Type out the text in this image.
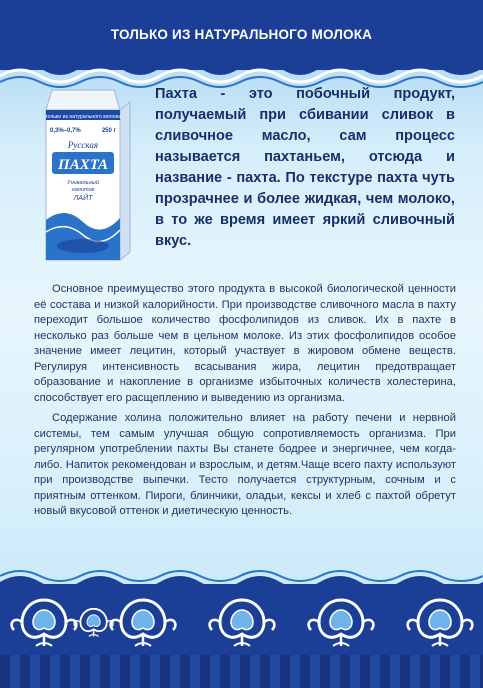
ТОЛЬКО ИЗ НАТУРАЛЬНОГО МОЛОКА
только из натурального молока
0,3%–0,7%	250 г
Русская
ПАХТА
Уникальный
напиток
ЛАЙТ
Пахта - это побочный продукт, получаемый при сбивании сливок в сливочное масло, сам процесс называется пахтаньем, отсюда и название - пахта. По текстуре пахта чуть прозрачнее и более жидкая, чем молоко, в то же время имеет яркий сливочный вкус.

Основное преимущество этого продукта в высокой биологической ценности её состава и низкой калорийности. При производстве сливочного масла в пахту переходит большое количество фосфолипидов из сливок. Их в пахте в несколько раз больше чем в цельном молоке. Из этих фосфолипидов особое значение имеет лецитин, который участвует в жировом обмене веществ. Регулируя интенсивность всасывания жира, лецитин предотвращает образование и накопление в организме избыточных количеств холестерина, способствует его расщеплению и выведению из организма.

Содержание холина положительно влияет на работу печени и нервной системы, тем самым улучшая общую сопротивляемость организма. При регулярном употреблении пахты Вы станете бодрее и энергичнее, чем когда-либо. Напиток рекомендован и взрослым, и детям.Чаще всего пахту используют при производстве выпечки. Тесто получается структурным, сочным и с приятным оттенком. Пироги, блинчики, оладьи, кексы и хлеб с пахтой обретут новый вкусовой оттенок и диетическую ценность.
